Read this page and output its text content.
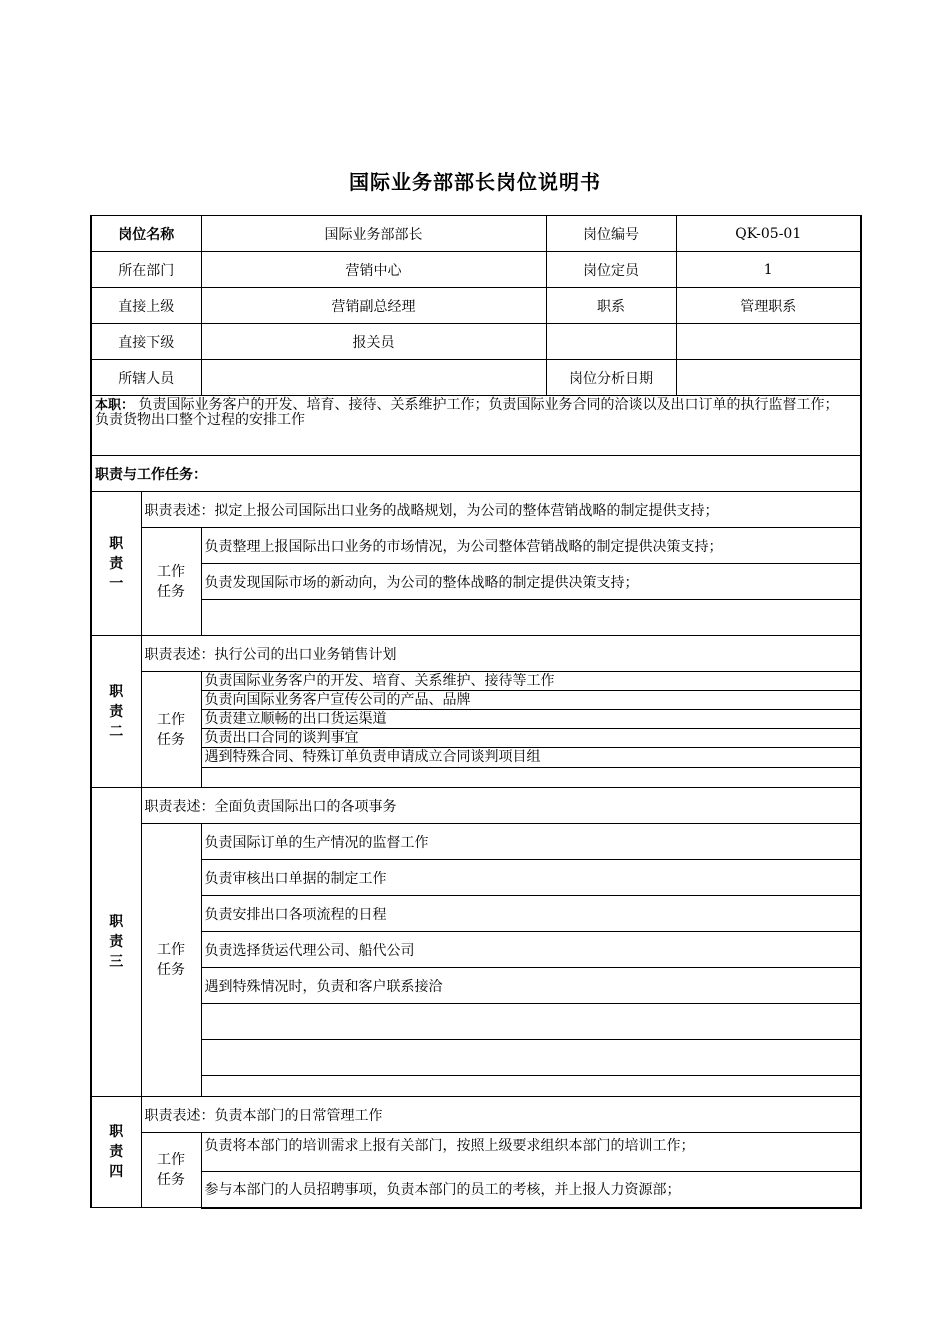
国际业务部部长岗位说明书
岗位名称		国际业务部部长	岗位编号	QK-05-01
所在部门		营销中心	岗位定员	1
直接上级		营销副总经理	职系	管理职系
直接下级		报关员		
所辖人员			岗位分析日期	
本职： 负责国际业务客户的开发、培育、接待、关系维护工作；负责国际业务合同的洽谈以及出口订单的执行监督工作；
负责货物出口整个过程的安排工作				
职责与工作任务：				
职
责
一	职责表述：拟定上报公司国际出口业务的战略规划，为公司的整体营销战略的制定提供支持；			
	工作
任务	负责整理上报国际出口业务的市场情况，为公司整体营销战略的制定提供决策支持；		
		负责发现国际市场的新动向，为公司的整体战略的制定提供决策支持；		

职
责
二	职责表述：执行公司的出口业务销售计划			
	工作
任务	负责国际业务客户的开发、培育、关系维护、接待等工作		
		负责向国际业务客户宣传公司的产品、品牌		
		负责建立顺畅的出口货运渠道		
		负责出口合同的谈判事宜		
		遇到特殊合同、特殊订单负责申请成立合同谈判项目组		

职
责
三	职责表述：全面负责国际出口的各项事务			
	工作
任务	负责国际订单的生产情况的监督工作		
		负责审核出口单据的制定工作		
		负责安排出口各项流程的日程		
		负责选择货运代理公司、船代公司		
		遇到特殊情况时，负责和客户联系接洽		

职
责
四	职责表述：负责本部门的日常管理工作			
	工作
任务	负责将本部门的培训需求上报有关部门，按照上级要求组织本部门的培训工作；		
		参与本部门的人员招聘事项，负责本部门的员工的考核，并上报人力资源部；		
